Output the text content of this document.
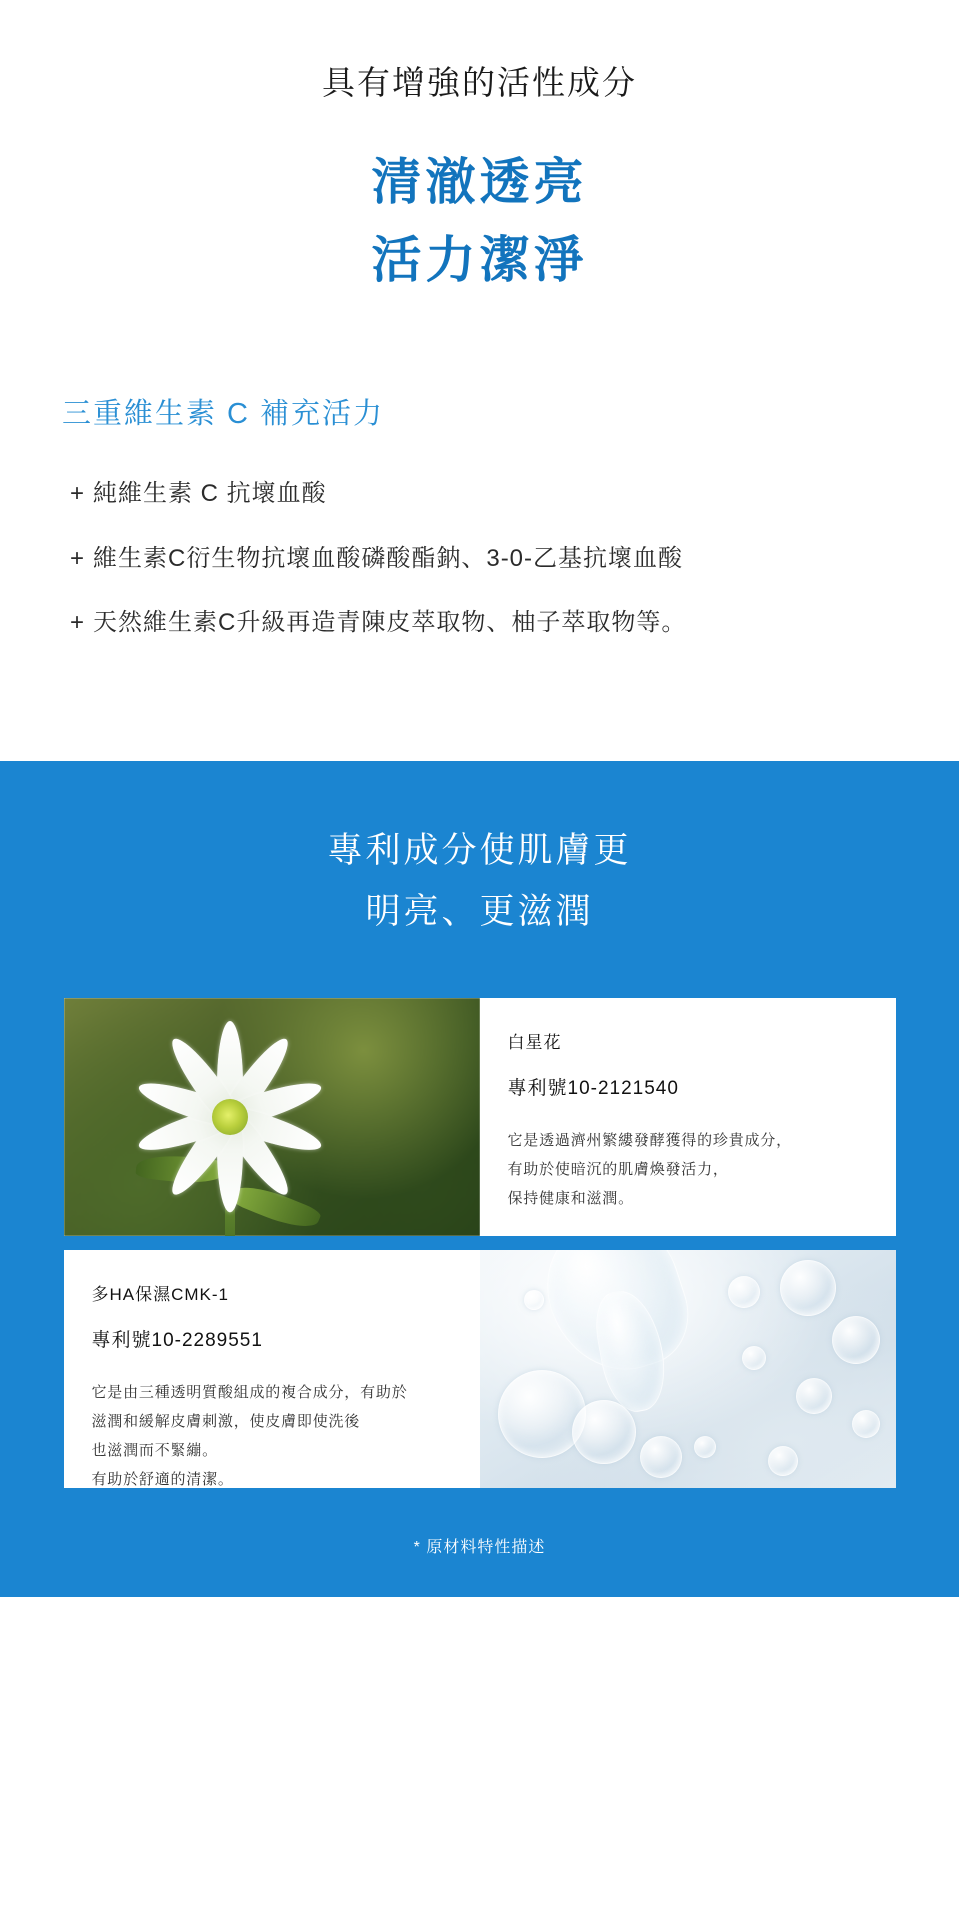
具有增強的活性成分
清澈透亮
活力潔淨
三重維生素 C 補充活力
+ 純維生素 C 抗壞血酸
+ 維生素C衍生物抗壞血酸磷酸酯鈉、3-0-乙基抗壞血酸
+ 天然維生素C升級再造青陳皮萃取物、柚子萃取物等。
專利成分使肌膚更
明亮、更滋潤
白星花
專利號10-2121540
它是透過濟州繁縷發酵獲得的珍貴成分，
有助於使暗沉的肌膚煥發活力，
保持健康和滋潤。
多HA保濕CMK-1
專利號10-2289551
它是由三種透明質酸組成的複合成分，有助於
滋潤和緩解皮膚刺激，使皮膚即使洗後
也滋潤而不緊繃。
有助於舒適的清潔。
* 原材料特性描述
